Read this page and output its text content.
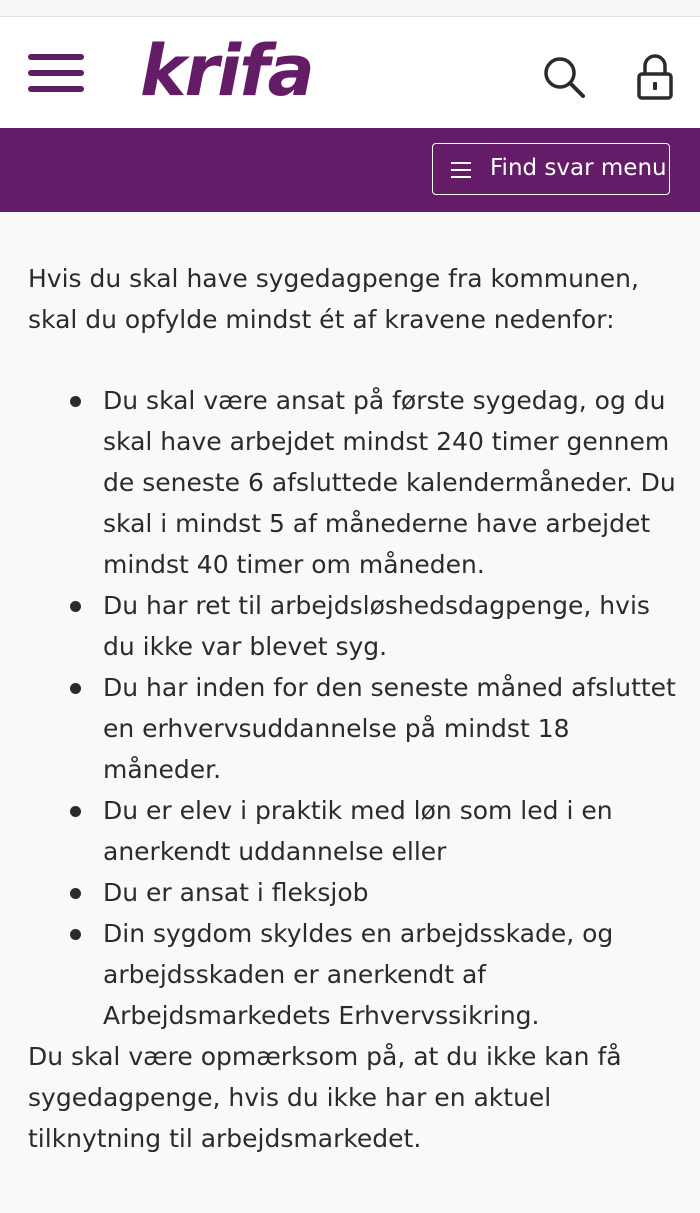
krifa
Find svar menu

Hvis du skal have sygedagpenge fra kommunen, skal du opfylde mindst ét af kravene nedenfor:

Du skal være ansat på første sygedag, og du skal have arbejdet mindst 240 timer gennem de seneste 6 afsluttede kalendermåneder. Du skal i mindst 5 af månederne have arbejdet mindst 40 timer om måneden.
Du har ret til arbejdsløshedsdagpenge, hvis du ikke var blevet syg.
Du har inden for den seneste måned afsluttet en erhvervsuddannelse på mindst 18 måneder.
Du er elev i praktik med løn som led i en anerkendt uddannelse eller
Du er ansat i fleksjob
Din sygdom skyldes en arbejdsskade, og arbejdsskaden er anerkendt af Arbejdsmarkedets Erhvervssikring.

Du skal være opmærksom på, at du ikke kan få sygedagpenge, hvis du ikke har en aktuel tilknytning til arbejdsmarkedet.
